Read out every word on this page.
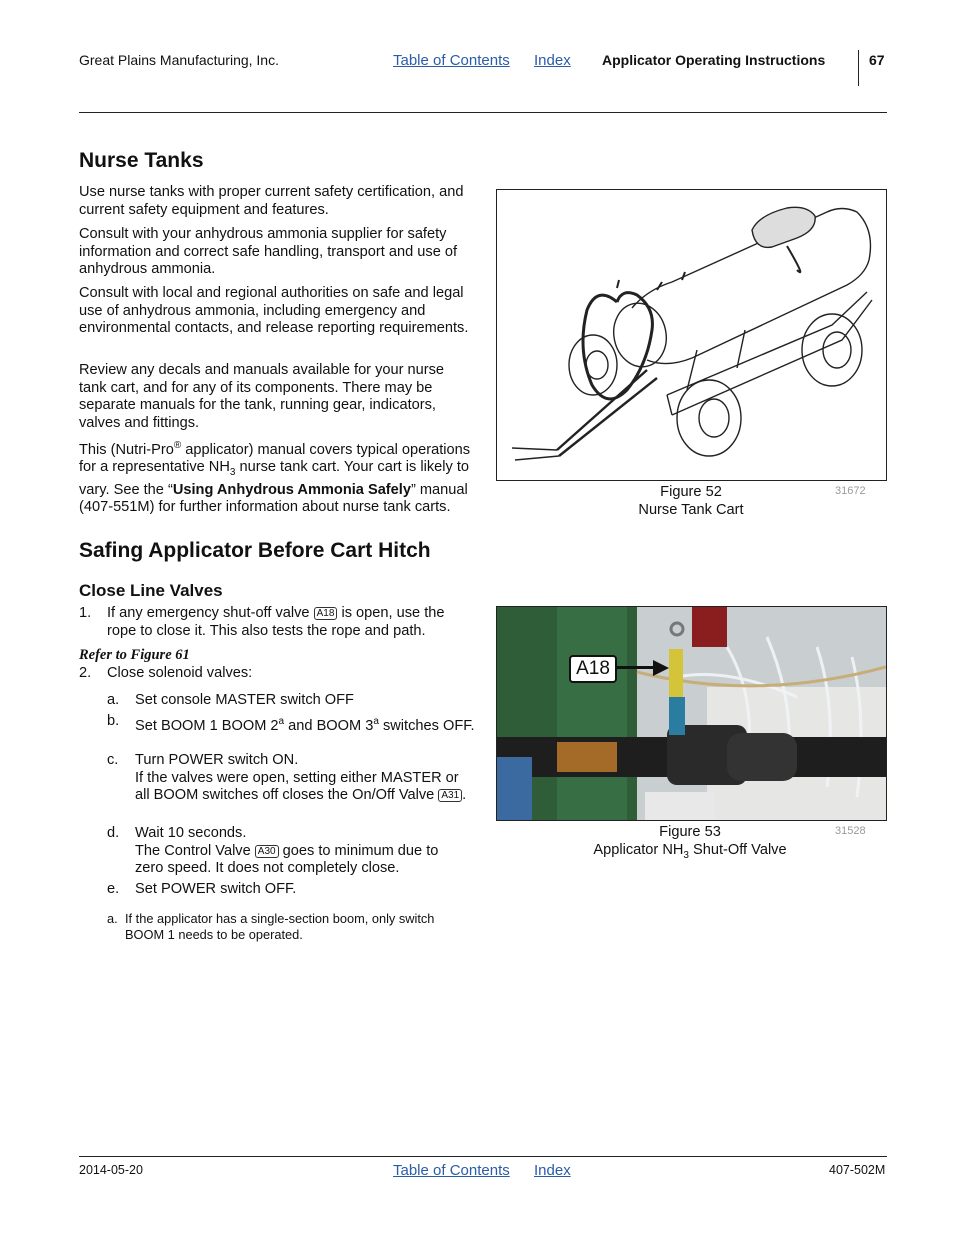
Great Plains Manufacturing, Inc.	Table of Contents Index Applicator Operating Instructions	67
Nurse Tanks

Use nurse tanks with proper current safety certification, and current safety equipment and features.

Consult with your anhydrous ammonia supplier for safety information and correct safe handling, transport and use of anhydrous ammonia.

Consult with local and regional authorities on safe and legal use of anhydrous ammonia, including emergency and environmental contacts, and release reporting requirements.

Review any decals and manuals available for your nurse tank cart, and for any of its components. There may be separate manuals for the tank, running gear, indicators, valves and fittings.

This (Nutri-Pro® applicator) manual covers typical operations for a representative $NH_3$ nurse tank cart. Your cart is likely to vary. See the “Using Anhydrous Ammonia Safely” manual (407-551M) for further information about nurse tank carts.

Figure 52
Nurse Tank Cart
31672
Safing Applicator Before Cart Hitch
Close Line Valves
1. If any emergency shut-off valve A18 is open, use the rope to close it. This also tests the rope and path.
Refer to Figure 61
2. Close solenoid valves:
a. Set console MASTER switch OFF
b. Set BOOM 1 BOOM 2$^a$ and BOOM 3$^a$ switches OFF.
c. Turn POWER switch ON.
If the valves were open, setting either MASTER or all BOOM switches off closes the On/Off Valve A31 .
d. Wait 10 seconds.
The Control Valve A30 goes to minimum due to zero speed. It does not completely close.
e. Set POWER switch OFF.
a. If the applicator has a single-section boom, only switch BOOM 1 needs to be operated.
A18
Figure 53
Applicator $NH_3$ Shut-Off Valve
31528
2014-05-20	Table of Contents Index	407-502M
